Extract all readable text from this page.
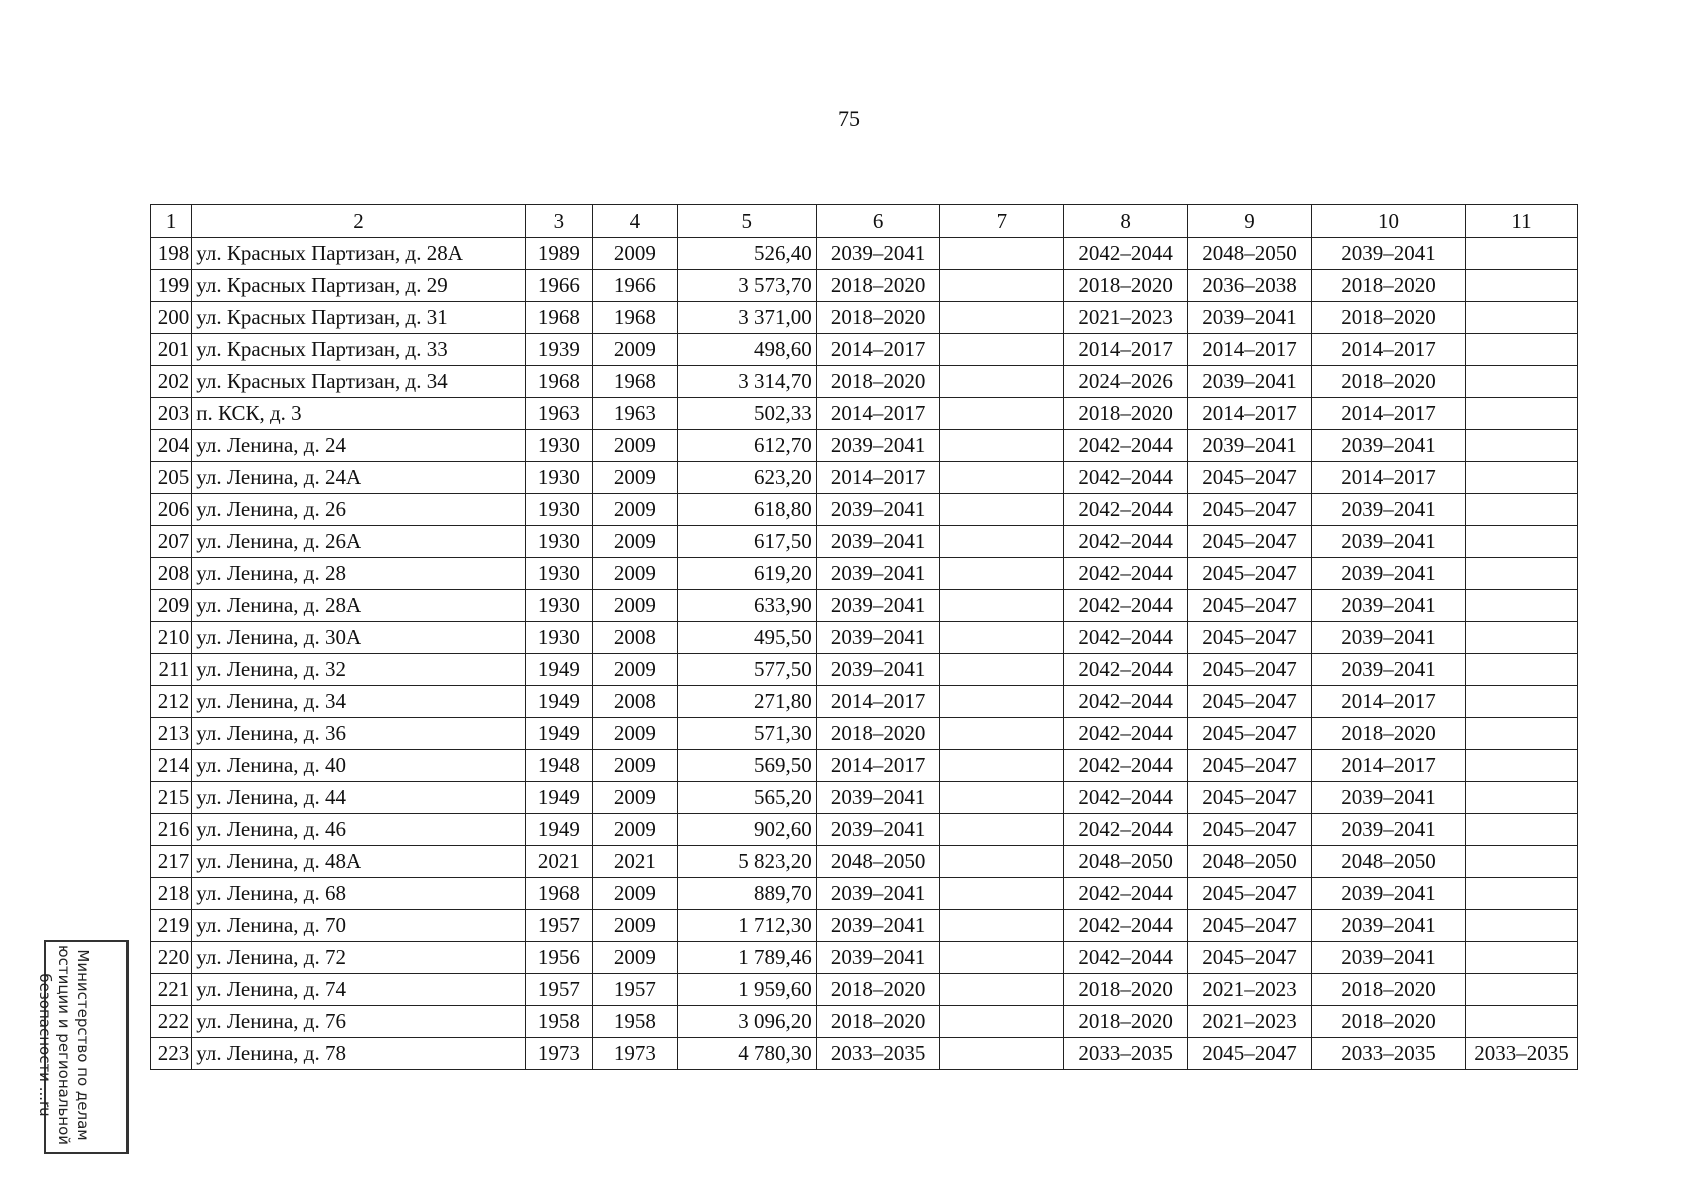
75
1	2	3	4	5	6	7	8	9	10	11
198	ул. Красных Партизан, д. 28А	1989	2009	526,40	2039–2041		2042–2044	2048–2050	2039–2041	
199	ул. Красных Партизан, д. 29	1966	1966	3 573,70	2018–2020		2018–2020	2036–2038	2018–2020	
200	ул. Красных Партизан, д. 31	1968	1968	3 371,00	2018–2020		2021–2023	2039–2041	2018–2020	
201	ул. Красных Партизан, д. 33	1939	2009	498,60	2014–2017		2014–2017	2014–2017	2014–2017	
202	ул. Красных Партизан, д. 34	1968	1968	3 314,70	2018–2020		2024–2026	2039–2041	2018–2020	
203	п. КСК, д. 3	1963	1963	502,33	2014–2017		2018–2020	2014–2017	2014–2017	
204	ул. Ленина, д. 24	1930	2009	612,70	2039–2041		2042–2044	2039–2041	2039–2041	
205	ул. Ленина, д. 24А	1930	2009	623,20	2014–2017		2042–2044	2045–2047	2014–2017	
206	ул. Ленина, д. 26	1930	2009	618,80	2039–2041		2042–2044	2045–2047	2039–2041	
207	ул. Ленина, д. 26А	1930	2009	617,50	2039–2041		2042–2044	2045–2047	2039–2041	
208	ул. Ленина, д. 28	1930	2009	619,20	2039–2041		2042–2044	2045–2047	2039–2041	
209	ул. Ленина, д. 28А	1930	2009	633,90	2039–2041		2042–2044	2045–2047	2039–2041	
210	ул. Ленина, д. 30А	1930	2008	495,50	2039–2041		2042–2044	2045–2047	2039–2041	
211	ул. Ленина, д. 32	1949	2009	577,50	2039–2041		2042–2044	2045–2047	2039–2041	
212	ул. Ленина, д. 34	1949	2008	271,80	2014–2017		2042–2044	2045–2047	2014–2017	
213	ул. Ленина, д. 36	1949	2009	571,30	2018–2020		2042–2044	2045–2047	2018–2020	
214	ул. Ленина, д. 40	1948	2009	569,50	2014–2017		2042–2044	2045–2047	2014–2017	
215	ул. Ленина, д. 44	1949	2009	565,20	2039–2041		2042–2044	2045–2047	2039–2041	
216	ул. Ленина, д. 46	1949	2009	902,60	2039–2041		2042–2044	2045–2047	2039–2041	
217	ул. Ленина, д. 48А	2021	2021	5 823,20	2048–2050		2048–2050	2048–2050	2048–2050	
218	ул. Ленина, д. 68	1968	2009	889,70	2039–2041		2042–2044	2045–2047	2039–2041	
219	ул. Ленина, д. 70	1957	2009	1 712,30	2039–2041		2042–2044	2045–2047	2039–2041	
220	ул. Ленина, д. 72	1956	2009	1 789,46	2039–2041		2042–2044	2045–2047	2039–2041	
221	ул. Ленина, д. 74	1957	1957	1 959,60	2018–2020		2018–2020	2021–2023	2018–2020	
222	ул. Ленина, д. 76	1958	1958	3 096,20	2018–2020		2018–2020	2021–2023	2018–2020	
223	ул. Ленина, д. 78	1973	1973	4 780,30	2033–2035		2033–2035	2045–2047	2033–2035	2033–2035
Министерство по делам
юстиции и региональной
безопасности ...ru
